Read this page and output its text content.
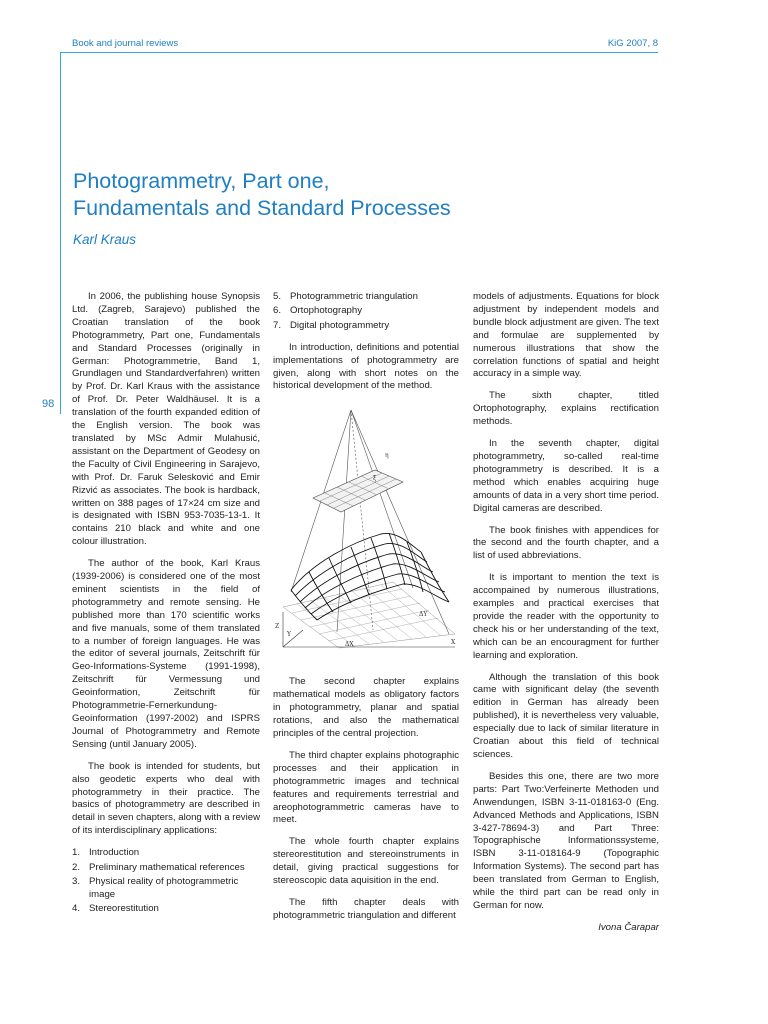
Book and journal reviews	KiG 2007, 8
98
Photogrammetry, Part one,
Fundamentals and Standard Processes
Karl Kraus

In 2006, the publishing house Synopsis Ltd. (Zagreb, Sarajevo) published the Croatian translation of the book Photogrammetry, Part one, Fundamentals and Standard Processes (originally in German: Photogrammetrie, Band 1, Grundlagen und Standardverfahren) written by Prof. Dr. Karl Kraus with the assistance of Prof. Dr. Peter Waldhäusel. It is a translation of the fourth expanded edition of the English version. The book was translated by MSc Admir Mulahusić, assistant on the Department of Geodesy on the Faculty of Civil Engineering in Sarajevo, with Prof. Dr. Faruk Selesković and Emir Rizvić as associates. The book is hardback, written on 388 pages of 17×24 cm size and is designated with ISBN 953-7035-13-1. It contains 210 black and white and one colour illustration.

The author of the book, Karl Kraus (1939-2006) is considered one of the most eminent scientists in the field of photogrammetry and remote sensing. He published more than 170 scientific works and five manuals, some of them translated to a number of foreign languages. He was the editor of several journals, Zeitschrift für Geo-Informations-Systeme (1991-1998), Zeitschrift für Vermessung und Geoinformation, Zeitschrift für Photogrammetrie-Fernerkundung-Geoinformation (1997-2002) and ISPRS Journal of Photogrammetry and Remote Sensing (until January 2005).

The book is intended for students, but also geodetic experts who deal with photogrammetry in their practice. The basics of photogrammetry are described in detail in seven chapters, along with a review of its interdisciplinary applications:

1. Introduction
2. Preliminary mathematical references
3. Physical reality of photogrammetric image
4. Stereorestitution
5. Photogrammetric triangulation
6. Ortophotography
7. Digital photogrammetry

In introduction, definitions and potential implementations of photogrammetry are given, along with short notes on the historical development of the method.

η
ξ
Z
Y
X
ΔX
ΔY

The second chapter explains mathematical models as obligatory factors in photogrammetry, planar and spatial rotations, and also the mathematical principles of the central projection.

The third chapter explains photographic processes and their application in photogrammetric images and technical features and requirements terrestrial and areophotogrammetric cameras have to meet.

The whole fourth chapter explains stereorestitution and stereoinstruments in detail, giving practical suggestions for stereoscopic data aquisition in the end.

The fifth chapter deals with photogrammetric triangulation and different

models of adjustments. Equations for block adjustment by independent models and bundle block adjustment are given. The text and formulae are supplemented by numerous illustrations that show the correlation functions of spatial and height accuracy in a simple way.

The sixth chapter, titled Ortophotography, explains rectification methods.

In the seventh chapter, digital photogrammetry, so-called real-time photogrammetry is described. It is a method which enables acquiring huge amounts of data in a very short time period. Digital cameras are described.

The book finishes with appendices for the second and the fourth chapter, and a list of used abbreviations.

It is important to mention the text is accompained by numerous illustrations, examples and practical exercises that provide the reader with the opportunity to check his or her understanding of the text, which can be an encouragment for further learning and exploration.

Although the translation of this book came with significant delay (the seventh edition in German has already been published), it is nevertheless very valuable, especially due to lack of similar literature in Croatian about this field of technical sciences.

Besides this one, there are two more parts: Part Two:Verfeinerte Methoden und Anwendungen, ISBN 3-11-018163-0 (Eng. Advanced Methods and Applications, ISBN 3-427-78694-3) and Part Three: Topographische Informationssysteme, ISBN 3-11-018164-9 (Topographic Information Systems). The second part has been translated from German to English, while the third part can be read only in German for now.

Ivona Čarapar
